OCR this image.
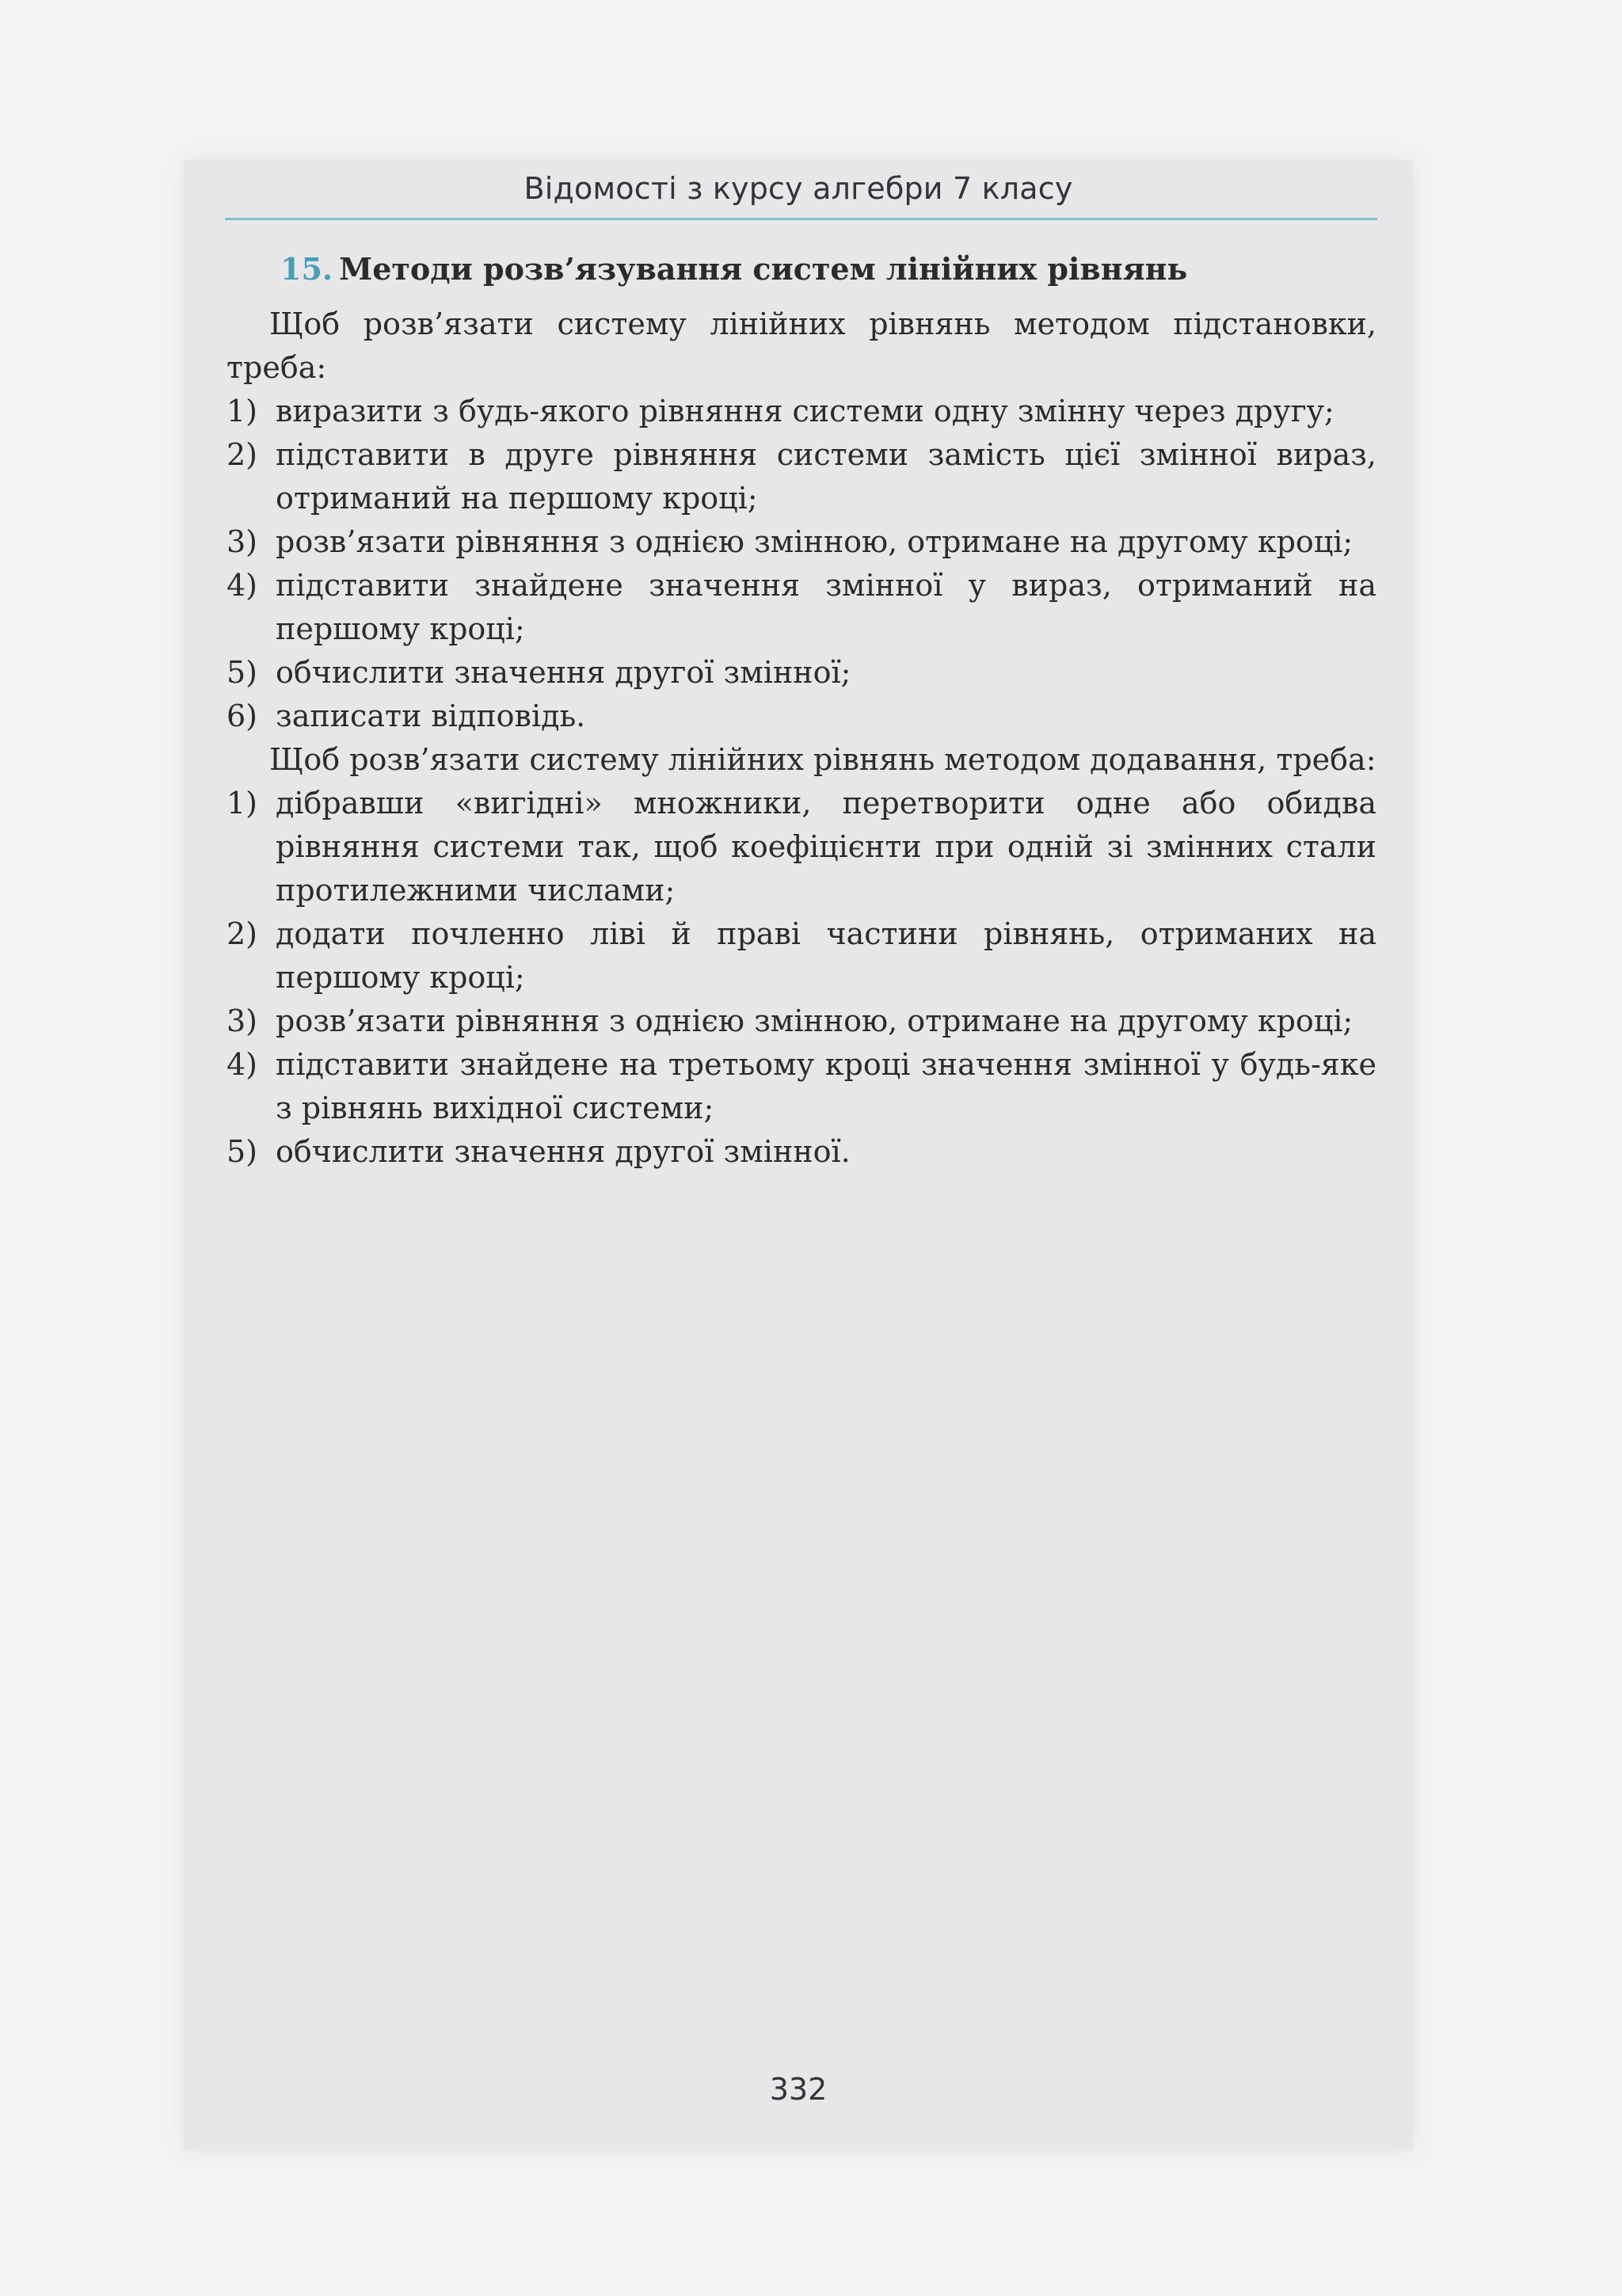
Відомості з курсу алгебри 7 класу
15. Методи розв’язування систем лінійних рівнянь

Щоб розв’язати систему лінійних рівнянь методом підстановки, треба:

1) виразити з будь-якого рівняння системи одну змінну через другу;
2) підставити в друге рівняння системи замість цієї змінної вираз, отриманий на першому кроці;
3) розв’язати рівняння з однією змінною, отримане на другому кроці;
4) підставити знайдене значення змінної у вираз, отриманий на першому кроці;
5) обчислити значення другої змінної;
6) записати відповідь.

Щоб розв’язати систему лінійних рівнянь методом додавання, треба:

1) дібравши «вигідні» множники, перетворити одне або обидва рівняння системи так, щоб коефіцієнти при одній зі змінних стали протилежними числами;
2) додати почленно ліві й праві частини рівнянь, отриманих на першому кроці;
3) розв’язати рівняння з однією змінною, отримане на другому кроці;
4) підставити знайдене на третьому кроці значення змінної у будь-яке з рівнянь вихідної системи;
5) обчислити значення другої змінної.
332
